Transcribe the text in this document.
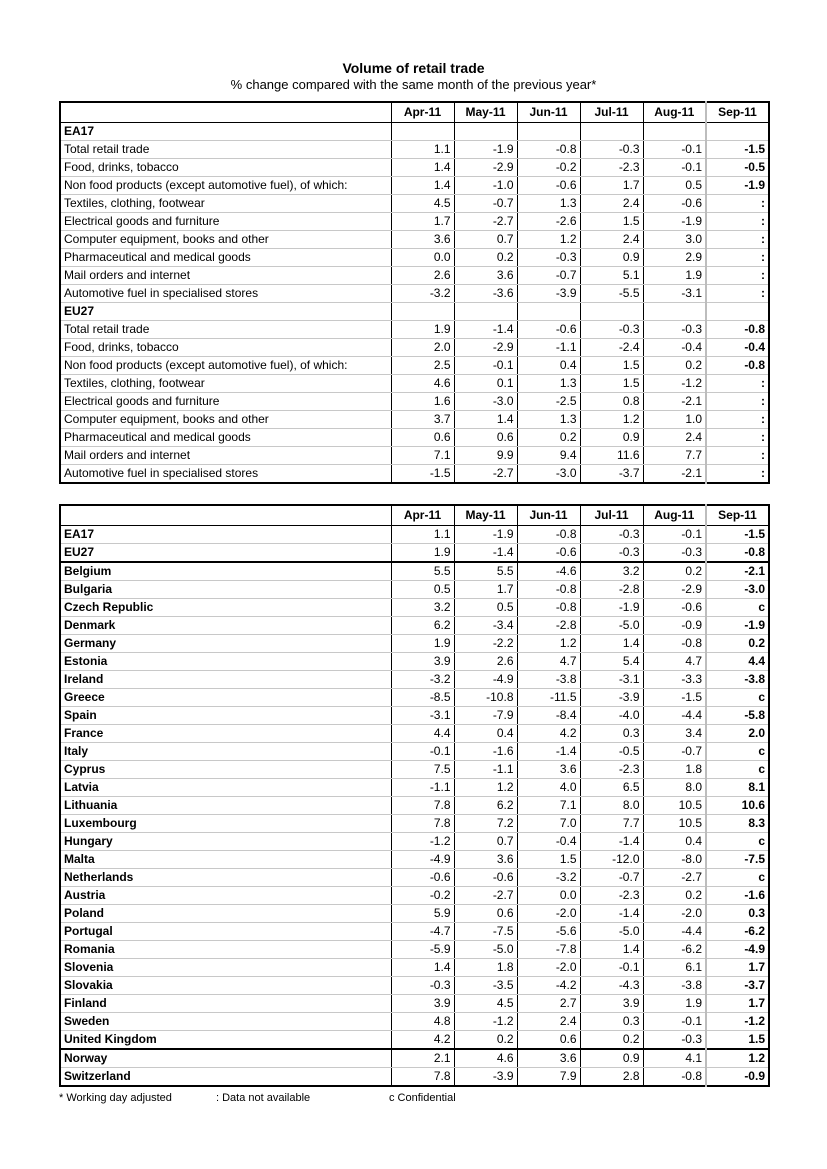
Volume of retail trade
% change compared with the same month of the previous year*
	Apr-11	May-11	Jun-11	Jul-11	Aug-11	Sep-11
EA17						
Total retail trade	1.1	-1.9	-0.8	-0.3	-0.1	-1.5
Food, drinks, tobacco	1.4	-2.9	-0.2	-2.3	-0.1	-0.5
Non food products (except automotive fuel), of which:	1.4	-1.0	-0.6	1.7	0.5	-1.9
Textiles, clothing, footwear	4.5	-0.7	1.3	2.4	-0.6	:
Electrical goods and furniture	1.7	-2.7	-2.6	1.5	-1.9	:
Computer equipment, books and other	3.6	0.7	1.2	2.4	3.0	:
Pharmaceutical and medical goods	0.0	0.2	-0.3	0.9	2.9	:
Mail orders and internet	2.6	3.6	-0.7	5.1	1.9	:
Automotive fuel in specialised stores	-3.2	-3.6	-3.9	-5.5	-3.1	:
EU27						
Total retail trade	1.9	-1.4	-0.6	-0.3	-0.3	-0.8
Food, drinks, tobacco	2.0	-2.9	-1.1	-2.4	-0.4	-0.4
Non food products (except automotive fuel), of which:	2.5	-0.1	0.4	1.5	0.2	-0.8
Textiles, clothing, footwear	4.6	0.1	1.3	1.5	-1.2	:
Electrical goods and furniture	1.6	-3.0	-2.5	0.8	-2.1	:
Computer equipment, books and other	3.7	1.4	1.3	1.2	1.0	:
Pharmaceutical and medical goods	0.6	0.6	0.2	0.9	2.4	:
Mail orders and internet	7.1	9.9	9.4	11.6	7.7	:
Automotive fuel in specialised stores	-1.5	-2.7	-3.0	-3.7	-2.1	:
	Apr-11	May-11	Jun-11	Jul-11	Aug-11	Sep-11
EA17	1.1	-1.9	-0.8	-0.3	-0.1	-1.5
EU27	1.9	-1.4	-0.6	-0.3	-0.3	-0.8
Belgium	5.5	5.5	-4.6	3.2	0.2	-2.1
Bulgaria	0.5	1.7	-0.8	-2.8	-2.9	-3.0
Czech Republic	3.2	0.5	-0.8	-1.9	-0.6	c
Denmark	6.2	-3.4	-2.8	-5.0	-0.9	-1.9
Germany	1.9	-2.2	1.2	1.4	-0.8	0.2
Estonia	3.9	2.6	4.7	5.4	4.7	4.4
Ireland	-3.2	-4.9	-3.8	-3.1	-3.3	-3.8
Greece	-8.5	-10.8	-11.5	-3.9	-1.5	c
Spain	-3.1	-7.9	-8.4	-4.0	-4.4	-5.8
France	4.4	0.4	4.2	0.3	3.4	2.0
Italy	-0.1	-1.6	-1.4	-0.5	-0.7	c
Cyprus	7.5	-1.1	3.6	-2.3	1.8	c
Latvia	-1.1	1.2	4.0	6.5	8.0	8.1
Lithuania	7.8	6.2	7.1	8.0	10.5	10.6
Luxembourg	7.8	7.2	7.0	7.7	10.5	8.3
Hungary	-1.2	0.7	-0.4	-1.4	0.4	c
Malta	-4.9	3.6	1.5	-12.0	-8.0	-7.5
Netherlands	-0.6	-0.6	-3.2	-0.7	-2.7	c
Austria	-0.2	-2.7	0.0	-2.3	0.2	-1.6
Poland	5.9	0.6	-2.0	-1.4	-2.0	0.3
Portugal	-4.7	-7.5	-5.6	-5.0	-4.4	-6.2
Romania	-5.9	-5.0	-7.8	1.4	-6.2	-4.9
Slovenia	1.4	1.8	-2.0	-0.1	6.1	1.7
Slovakia	-0.3	-3.5	-4.2	-4.3	-3.8	-3.7
Finland	3.9	4.5	2.7	3.9	1.9	1.7
Sweden	4.8	-1.2	2.4	0.3	-0.1	-1.2
United Kingdom	4.2	0.2	0.6	0.2	-0.3	1.5
Norway	2.1	4.6	3.6	0.9	4.1	1.2
Switzerland	7.8	-3.9	7.9	2.8	-0.8	-0.9
* Working day adjusted	: Data not available	c Confidential
